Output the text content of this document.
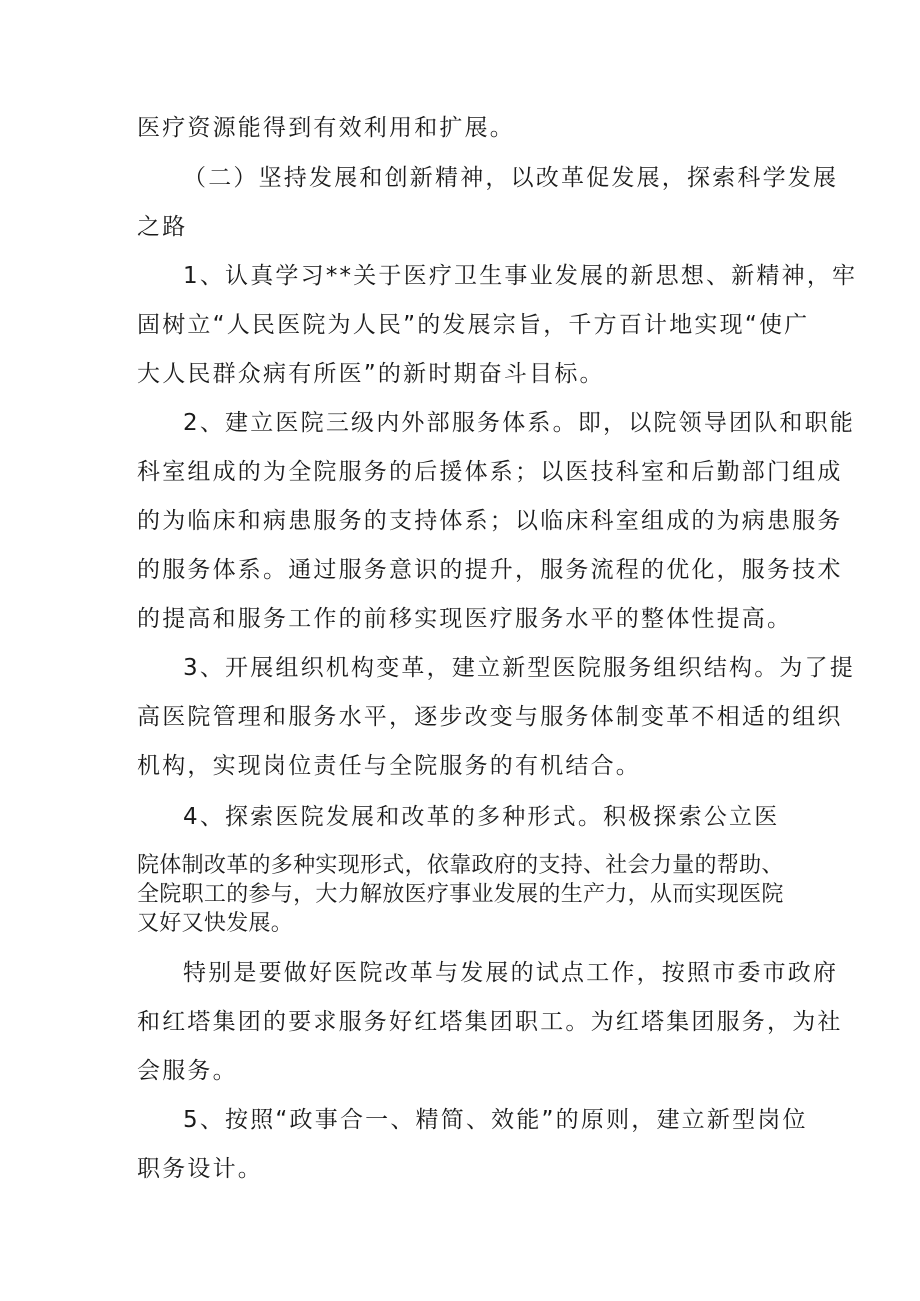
医疗资源能得到有效利用和扩展。
（二）坚持发展和创新精神，以改革促发展，探索科学发展
之路
1、认真学习**关于医疗卫生事业发展的新思想、新精神，牢
固树立“人民医院为人民”的发展宗旨，千方百计地实现“使广
大人民群众病有所医”的新时期奋斗目标。
2、建立医院三级内外部服务体系。即，以院领导团队和职能
科室组成的为全院服务的后援体系；以医技科室和后勤部门组成
的为临床和病患服务的支持体系；以临床科室组成的为病患服务
的服务体系。通过服务意识的提升，服务流程的优化，服务技术
的提高和服务工作的前移实现医疗服务水平的整体性提高。
3、开展组织机构变革，建立新型医院服务组织结构。为了提
高医院管理和服务水平，逐步改变与服务体制变革不相适的组织
机构，实现岗位责任与全院服务的有机结合。
4、探索医院发展和改革的多种形式。积极探索公立医
院体制改革的多种实现形式，依靠政府的支持、社会力量的帮助、
全院职工的参与，大力解放医疗事业发展的生产力，从而实现医院
又好又快发展。
特别是要做好医院改革与发展的试点工作，按照市委市政府
和红塔集团的要求服务好红塔集团职工。为红塔集团服务，为社
会服务。
5、按照“政事合一、精简、效能”的原则，建立新型岗位
职务设计。
